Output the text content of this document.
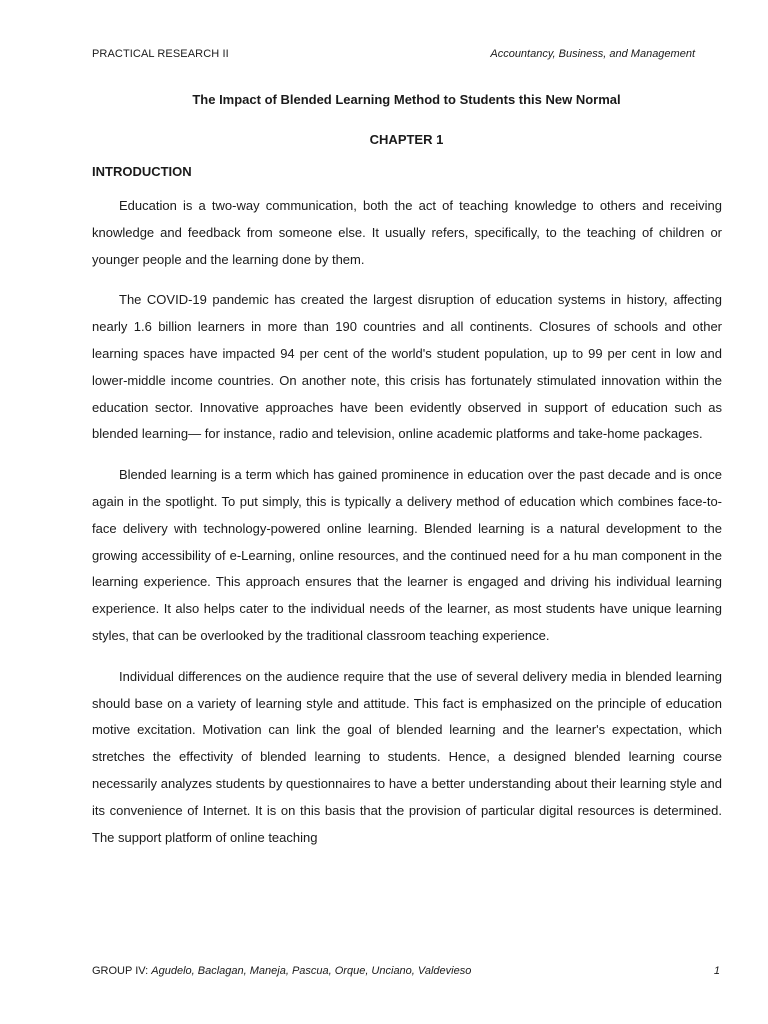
PRACTICAL RESEARCH II	Accountancy, Business, and Management
The Impact of Blended Learning Method to Students this New Normal
CHAPTER 1
INTRODUCTION

Education is a two-way communication, both the act of teaching knowledge to others and receiving knowledge and feedback from someone else. It usually refers, specifically, to the teaching of children or younger people and the learning done by them.

The COVID-19 pandemic has created the largest disruption of education systems in history, affecting nearly 1.6 billion learners in more than 190 countries and all continents. Closures of schools and other learning spaces have impacted 94 per cent of the world's student population, up to 99 per cent in low and lower-middle income countries. On another note, this crisis has fortunately stimulated innovation within the education sector. Innovative approaches have been evidently observed in support of education such as blended learning— for instance, radio and television, online academic platforms and take-home packages.

Blended learning is a term which has gained prominence in education over the past decade and is once again in the spotlight. To put simply, this is typically a delivery method of education which combines face-to-face delivery with technology-powered online learning. Blended learning is a natural development to the growing accessibility of e-Learning, online resources, and the continued need for a hu man component in the learning experience. This approach ensures that the learner is engaged and driving his individual learning experience. It also helps cater to the individual needs of the learner, as most students have unique learning styles, that can be overlooked by the traditional classroom teaching experience.

Individual differences on the audience require that the use of several delivery media in blended learning should base on a variety of learning style and attitude. This fact is emphasized on the principle of education motive excitation. Motivation can link the goal of blended learning and the learner's expectation, which stretches the effectivity of blended learning to students. Hence, a designed blended learning course necessarily analyzes students by questionnaires to have a better understanding about their learning style and its convenience of Internet. It is on this basis that the provision of particular digital resources is determined. The support platform of online teaching

GROUP IV: Agudelo, Baclagan, Maneja, Pascua, Orque, Unciano, Valdevieso	1
